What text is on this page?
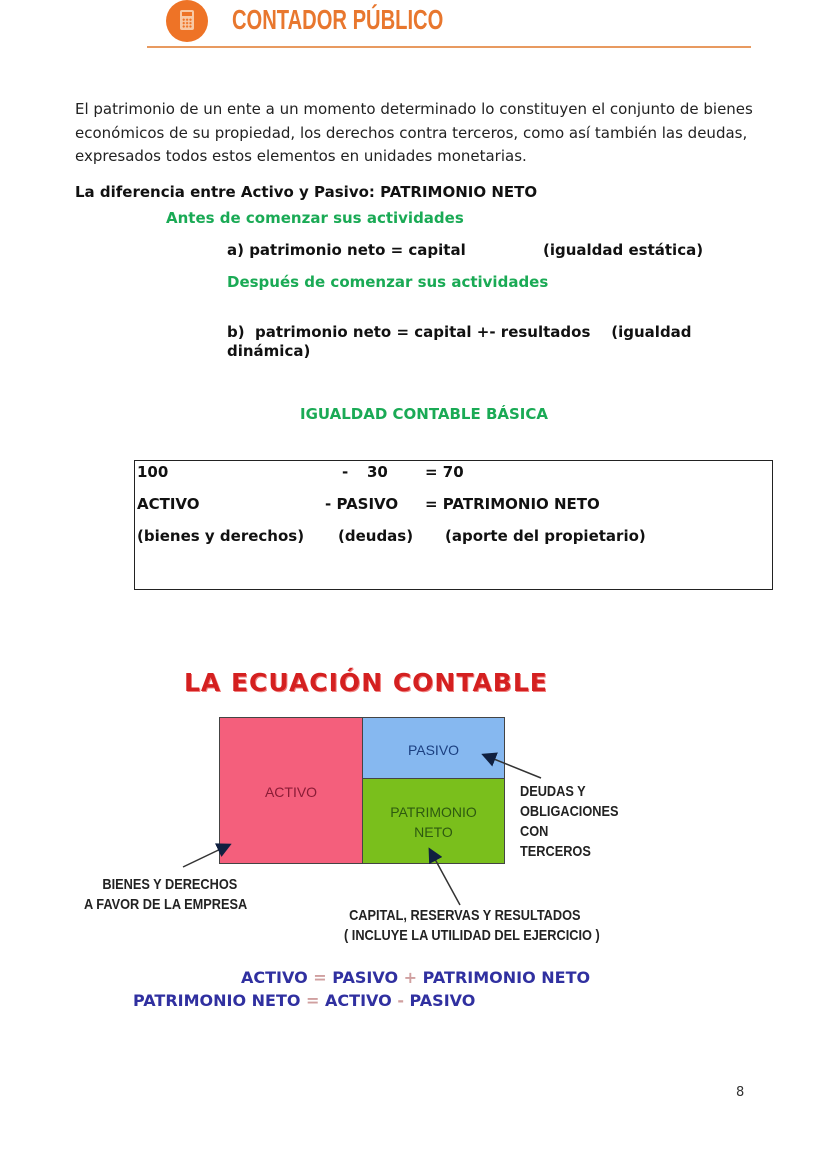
CONTADOR PÚBLICO
El patrimonio de un ente a un momento determinado lo constituyen el conjunto de bienes económicos de su propiedad, los derechos contra terceros, como así también las deudas, expresados todos estos elementos en unidades monetarias.
La diferencia entre Activo y Pasivo: PATRIMONIO NETO
Antes de comenzar sus actividades
a) patrimonio neto = capital	(igualdad estática)
Después de comenzar sus actividades
b)  patrimonio neto = capital +- resultados    (igualdad
dinámica)
IGUALDAD CONTABLE BÁSICA
100	- 30 = 70
ACTIVO	- PASIVO = PATRIMONIO NETO
(bienes y derechos) (deudas) (aporte del propietario)
LA ECUACIÓN CONTABLE
ACTIVO
PASIVO
PATRIMONIO
NETO
DEUDAS Y
OBLIGACIONES
CON
TERCEROS
BIENES Y DERECHOS
A FAVOR DE LA EMPRESA
CAPITAL, RESERVAS Y RESULTADOS
( INCLUYE LA UTILIDAD DEL EJERCICIO )
ACTIVO = PASIVO + PATRIMONIO NETO
PATRIMONIO NETO = ACTIVO - PASIVO
8
